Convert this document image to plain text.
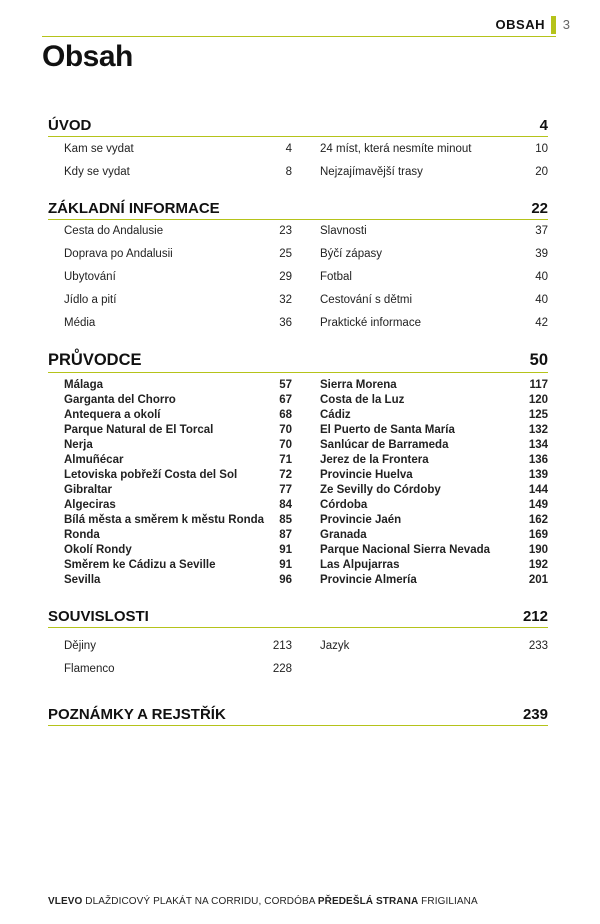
OBSAH 3
Obsah
ÚVOD	4
Kam se vydat	4
Kdy se vydat	8
24 míst, která nesmíte minout	10
Nejzajímavější trasy	20
ZÁKLADNÍ INFORMACE	22
Cesta do Andalusie	23
Doprava po Andalusii	25
Ubytování	29
Jídlo a pití	32
Média	36
Slavnosti	37
Býčí zápasy	39
Fotbal	40
Cestování s dětmi	40
Praktické informace	42
PRŮVODCE	50
Málaga	57
Garganta del Chorro	67
Antequera a okolí	68
Parque Natural de El Torcal	70
Nerja	70
Almuñécar	71
Letoviska pobřeží Costa del Sol	72
Gibraltar	77
Algeciras	84
Bílá města a směrem k městu Ronda 85
Ronda	87
Okolí Rondy	91
Směrem ke Cádizu a Seville	91
Sevilla	96
Sierra Morena	117
Costa de la Luz	120
Cádiz	125
El Puerto de Santa María	132
Sanlúcar de Barrameda	134
Jerez de la Frontera	136
Provincie Huelva	139
Ze Sevilly do Córdoby	144
Córdoba	149
Provincie Jaén	162
Granada	169
Parque Nacional Sierra Nevada	190
Las Alpujarras	192
Provincie Almería	201
SOUVISLOSTI	212
Dějiny	213
Flamenco	228
Jazyk	233
POZNÁMKY A REJSTŘÍK	239
VLEVO DLAŽDICOVÝ PLAKÁT NA CORRIDU, CORDÓBA PŘEDEŠLÁ STRANA FRIGILIANA
